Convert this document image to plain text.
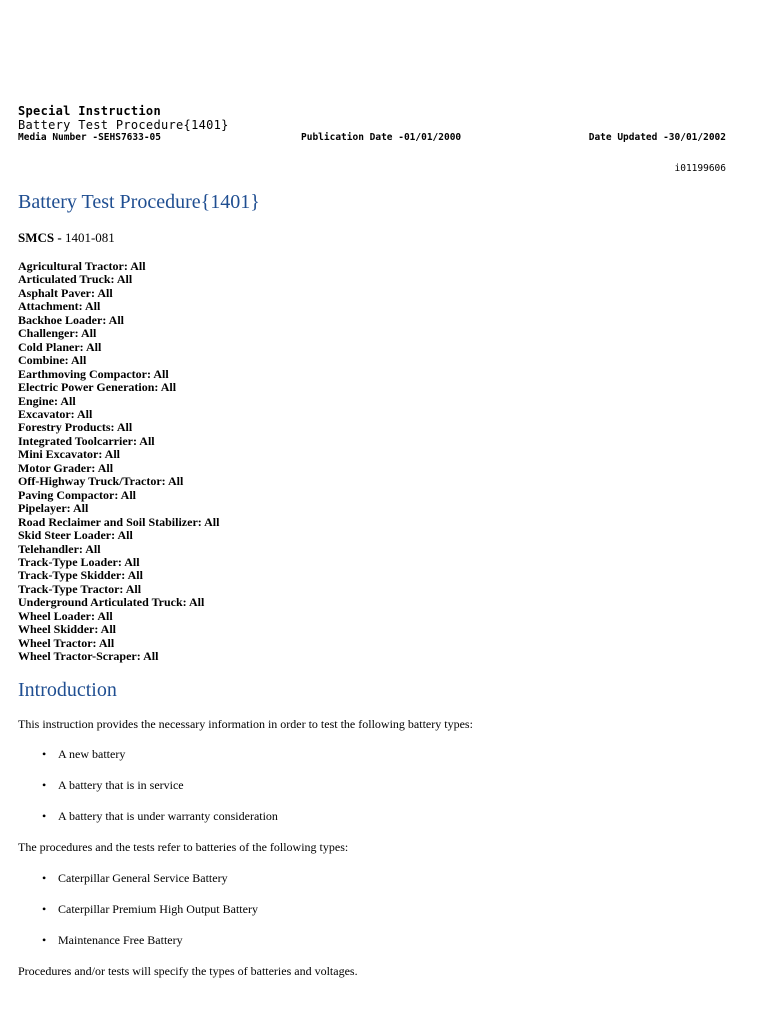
Special Instruction
Battery Test Procedure{1401}
Media Number -SEHS7633-05	Publication Date -01/01/2000	Date Updated -30/01/2002
i01199606
Battery Test Procedure{1401}

SMCS - 1401-081

Agricultural Tractor: All
Articulated Truck: All
Asphalt Paver: All
Attachment: All
Backhoe Loader: All
Challenger: All
Cold Planer: All
Combine: All
Earthmoving Compactor: All
Electric Power Generation: All
Engine: All
Excavator: All
Forestry Products: All
Integrated Toolcarrier: All
Mini Excavator: All
Motor Grader: All
Off-Highway Truck/Tractor: All
Paving Compactor: All
Pipelayer: All
Road Reclaimer and Soil Stabilizer: All
Skid Steer Loader: All
Telehandler: All
Track-Type Loader: All
Track-Type Skidder: All
Track-Type Tractor: All
Underground Articulated Truck: All
Wheel Loader: All
Wheel Skidder: All
Wheel Tractor: All
Wheel Tractor-Scraper: All
Introduction

This instruction provides the necessary information in order to test the following battery types:

• A new battery
• A battery that is in service
• A battery that is under warranty consideration

The procedures and the tests refer to batteries of the following types:

• Caterpillar General Service Battery
• Caterpillar Premium High Output Battery
• Maintenance Free Battery

Procedures and/or tests will specify the types of batteries and voltages.
